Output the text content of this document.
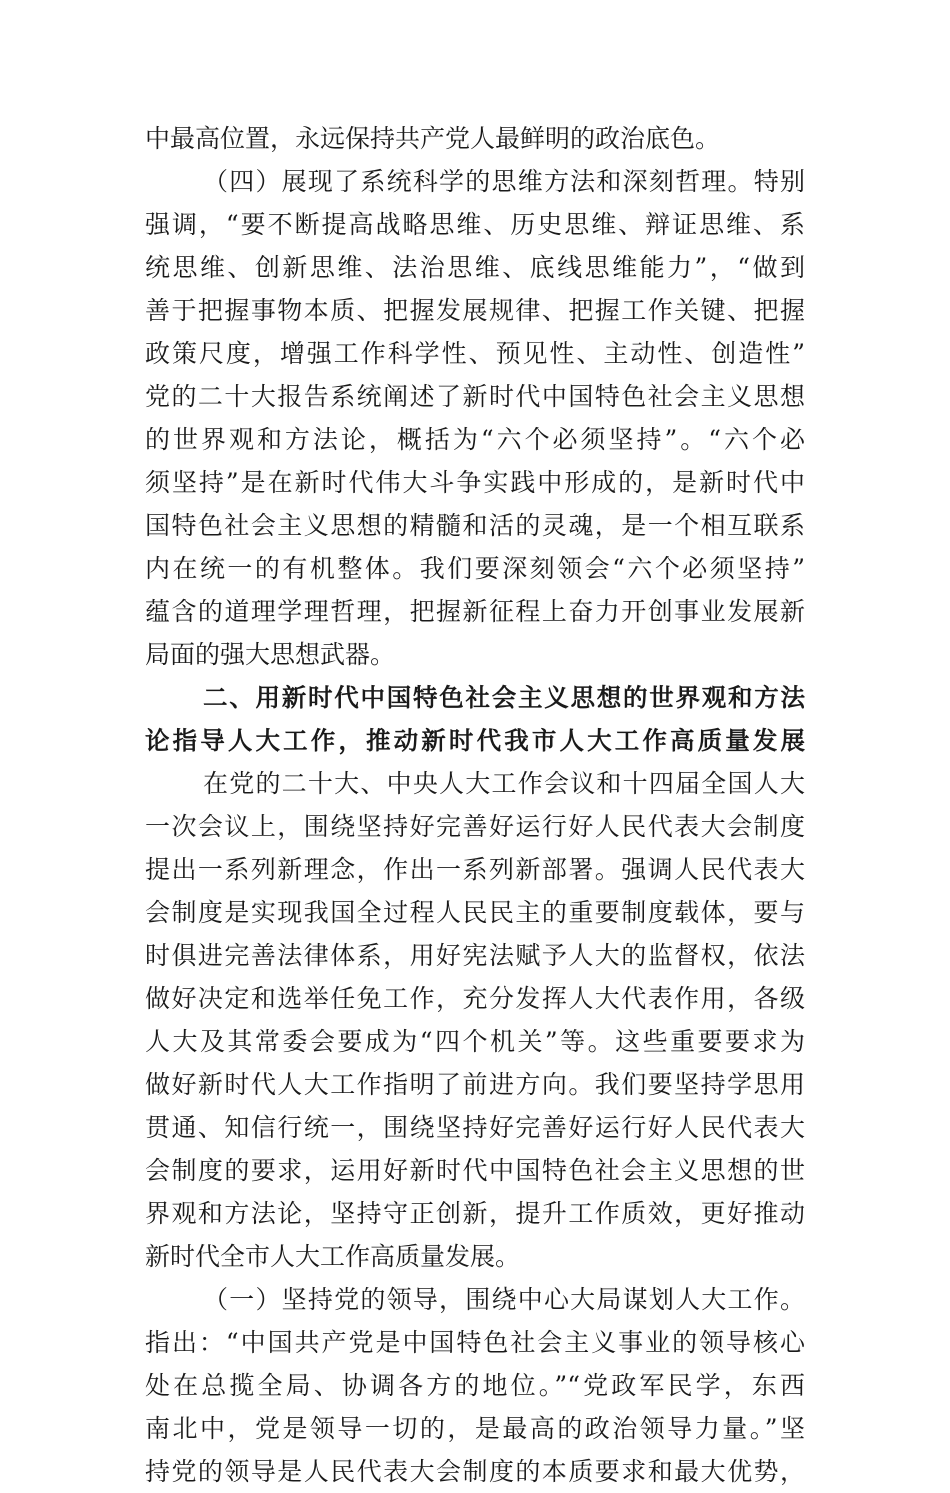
中最高位置，永远保持共产党人最鲜明的政治底色。
（四）展现了系统科学的思维方法和深刻哲理。特别
强调，“要不断提高战略思维、历史思维、辩证思维、系
统思维、创新思维、法治思维、底线思维能力”，“做到
善于把握事物本质、把握发展规律、把握工作关键、把握
政策尺度，增强工作科学性、预见性、主动性、创造性”
党的二十大报告系统阐述了新时代中国特色社会主义思想
的世界观和方法论，概括为“六个必须坚持”。“六个必
须坚持”是在新时代伟大斗争实践中形成的，是新时代中
国特色社会主义思想的精髓和活的灵魂，是一个相互联系
内在统一的有机整体。我们要深刻领会“六个必须坚持”
蕴含的道理学理哲理，把握新征程上奋力开创事业发展新
局面的强大思想武器。
二、用新时代中国特色社会主义思想的世界观和方法
论指导人大工作，推动新时代我市人大工作高质量发展
在党的二十大、中央人大工作会议和十四届全国人大
一次会议上，围绕坚持好完善好运行好人民代表大会制度
提出一系列新理念，作出一系列新部署。强调人民代表大
会制度是实现我国全过程人民民主的重要制度载体，要与
时俱进完善法律体系，用好宪法赋予人大的监督权，依法
做好决定和选举任免工作，充分发挥人大代表作用，各级
人大及其常委会要成为“四个机关”等。这些重要要求为
做好新时代人大工作指明了前进方向。我们要坚持学思用
贯通、知信行统一，围绕坚持好完善好运行好人民代表大
会制度的要求，运用好新时代中国特色社会主义思想的世
界观和方法论，坚持守正创新，提升工作质效，更好推动
新时代全市人大工作高质量发展。
（一）坚持党的领导，围绕中心大局谋划人大工作。
指出：“中国共产党是中国特色社会主义事业的领导核心
处在总揽全局、协调各方的地位。”“党政军民学，东西
南北中，党是领导一切的，是最高的政治领导力量。”坚
持党的领导是人民代表大会制度的本质要求和最大优势，
